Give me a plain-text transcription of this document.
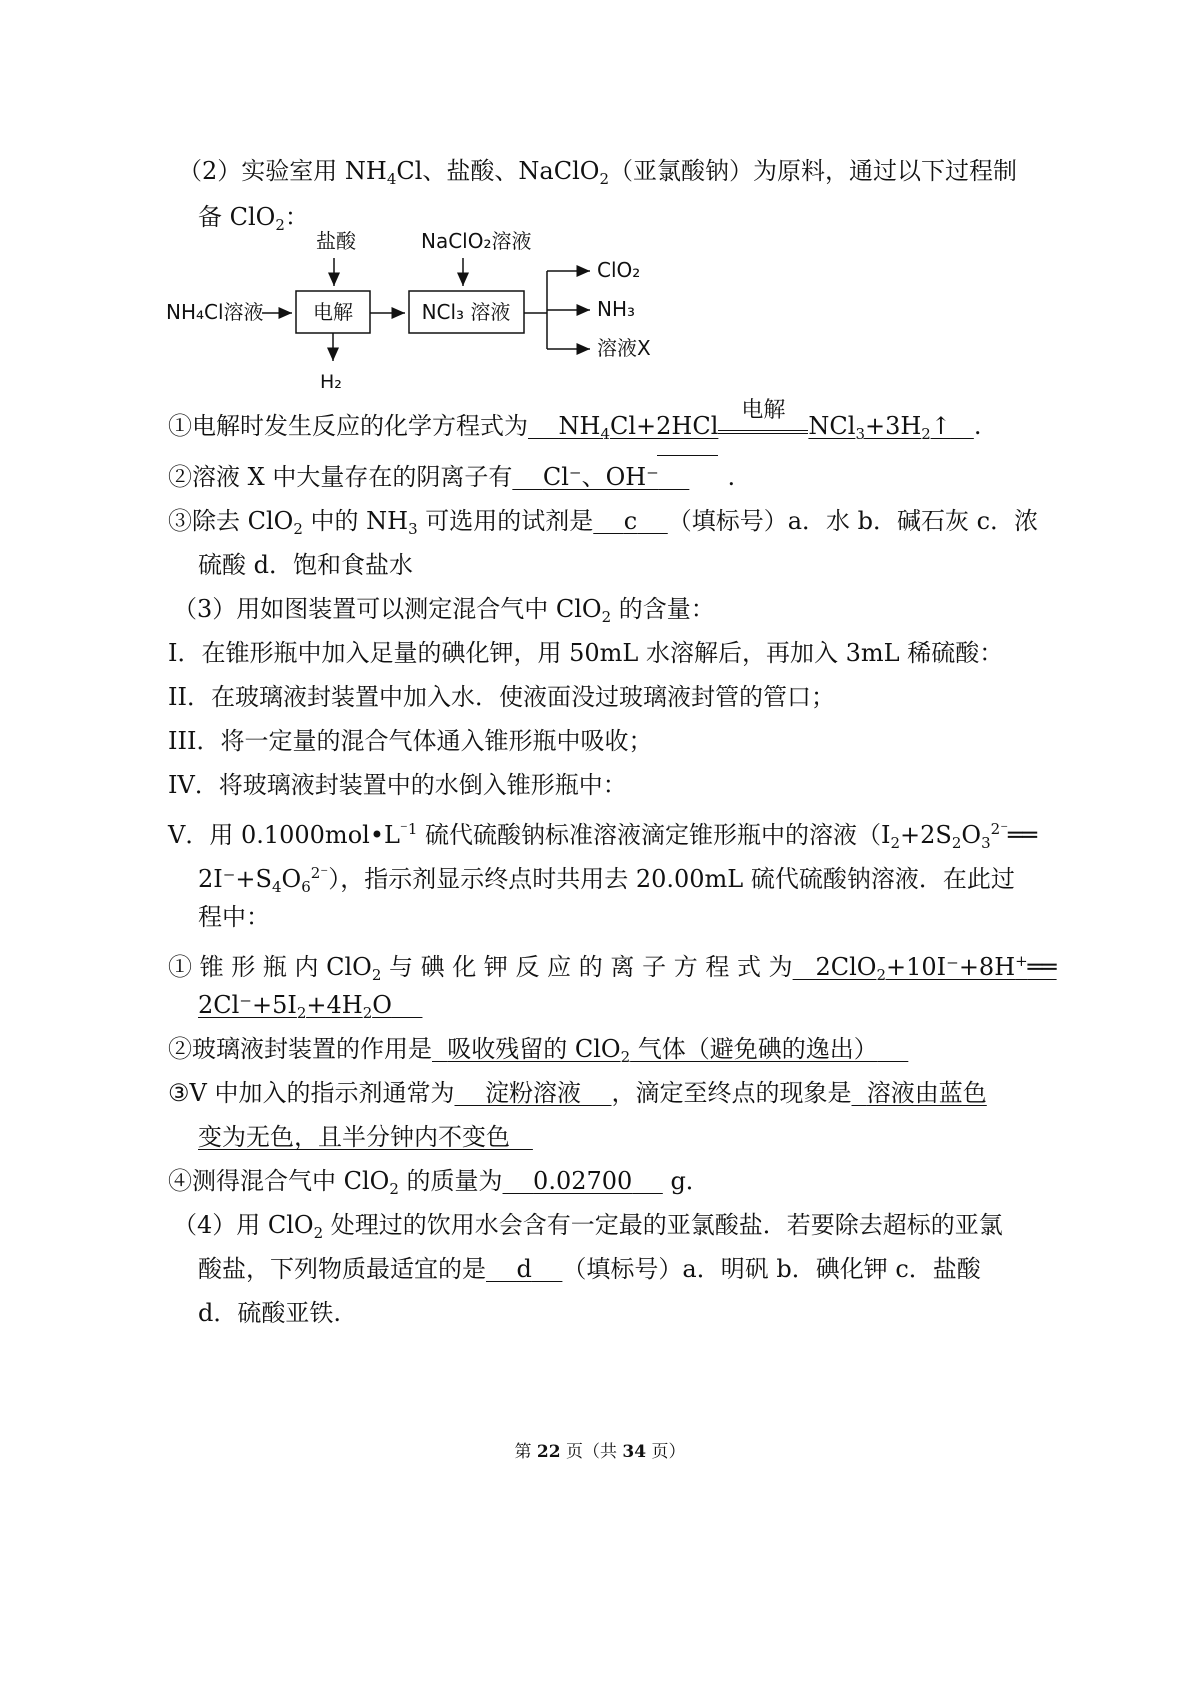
（2）实验室用 $NH_4Cl$、盐酸、NaClO$_2$（亚氯酸钠）为原料，通过以下过程制
备 ClO$_2$：
盐酸	NaClO₂溶液
NH₄Cl溶液 电解	NCl₃ 溶液
H₂
ClO₂
NH₃
溶液X
①电解时发生反应的化学方程式为 $NH_4Cl+2HCl$
电解
$NCl_3+3H_2↑$ .
②溶液 X 中大量存在的阴离子有 Cl⁻、OH⁻	.
③除去 ClO$_2$ 中的 $NH_3$ 可选用的试剂是 c （填标号）a．水 b．碱石灰 c．浓
硫酸 d．饱和食盐水
（3）用如图装置可以测定混合气中 ClO$_2$ 的含量：
I．在锥形瓶中加入足量的碘化钾，用 50mL 水溶解后，再加入 3mL 稀硫酸：
II．在玻璃液封装置中加入水．使液面没过玻璃液封管的管口；
III．将一定量的混合气体通入锥形瓶中吸收；
IV．将玻璃液封装置中的水倒入锥形瓶中：
V．用 $0.1000mol•L^{^-1}$ 硫代硫酸钠标准溶液滴定锥形瓶中的溶液（$I_2+2S_2O_3^{2^-}══$
$2I^-+S_4O_6^{2^-}$），指示剂显示终点时共用去 20.00mL 硫代硫酸钠溶液．在此过
程中：
① 锥 形 瓶 内 ClO$_2$ 与 碘 化 钾 反 应 的 离 子 方 程 式 为 2ClO$_2$+10I⁻+8H+══
$2Cl^-+5I_2+4H_2O$
②玻璃液封装置的作用是 吸收残留的 ClO$_2$ 气体（避免碘的逸出）
③V 中加入的指示剂通常为 淀粉溶液 ，滴定至终点的现象是 溶液由蓝色
变为无色，且半分钟内不变色
④测得混合气中 ClO$_2$ 的质量为 0.02700     g．
（4）用 ClO$_2$ 处理过的饮用水会含有一定最的亚氯酸盐．若要除去超标的亚氯
酸盐，下列物质最适宜的是 d （填标号）a．明矾 b．碘化钾 c．盐酸
d．硫酸亚铁.
第 22 页（共 34 页）
